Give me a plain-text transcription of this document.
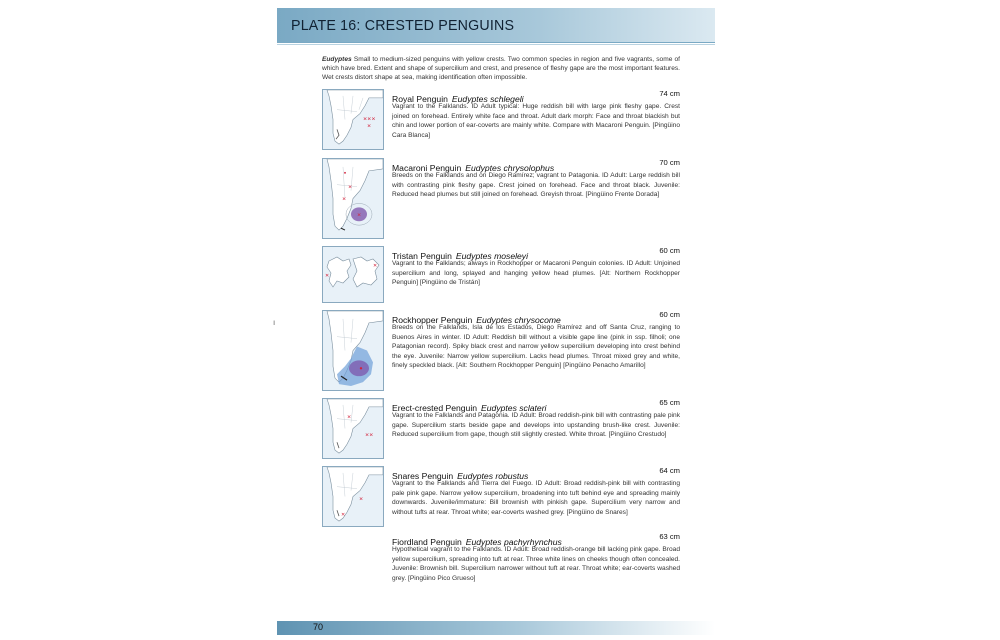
PLATE 16: CRESTED PENGUINS
ı
Eudyptes Small to medium-sized penguins with yellow crests. Two common species in region and five vagrants, some of which have bred. Extent and shape of supercilium and crest, and presence of fleshy gape are the most important features. Wet crests distort shape at sea, making identification often impossible.
✕✕✕
✕
Royal Penguin Eudyptes schlegeli
74 cm
Vagrant to the Falklands. ID Adult typical: Huge reddish bill with large pink fleshy gape. Crest joined on forehead. Entirely white face and throat. Adult dark morph: Face and throat blackish but chin and lower portion of ear-coverts are mainly white. Compare with Macaroni Penguin. [Pingüino Cara Blanca]
✕
✕
✕
Macaroni Penguin Eudyptes chrysolophus
70 cm
Breeds on the Falklands and on Diego Ramírez; vagrant to Patagonia. ID Adult: Large reddish bill with contrasting pink fleshy gape. Crest joined on forehead. Face and throat black. Juvenile: Reduced head plumes but still joined on forehead. Greyish throat. [Pingüino Frente Dorada]
✕
✕
Tristan Penguin Eudyptes moseleyi
60 cm
Vagrant to the Falklands; always in Rockhopper or Macaroni Penguin colonies. ID Adult: Unjoined supercilium and long, splayed and hanging yellow head plumes. [Alt: Northern Rockhopper Penguin] [Pingüino de Tristán]
Rockhopper Penguin Eudyptes chrysocome
60 cm
Breeds on the Falklands, Isla de los Estados, Diego Ramírez and off Santa Cruz, ranging to Buenos Aires in winter. ID Adult: Reddish bill without a visible gape line (pink in ssp. filholi; one Patagonian record). Spiky black crest and narrow yellow supercilium developing into crest behind the eye. Juvenile: Narrow yellow supercilium. Lacks head plumes. Throat mixed grey and white, finely speckled black. [Alt: Southern Rockhopper Penguin] [Pingüino Penacho Amarillo]
✕
✕✕
Erect-crested Penguin Eudyptes sclateri
65 cm
Vagrant to the Falklands and Patagonia. ID Adult: Broad reddish-pink bill with contrasting pale pink gape. Supercilium starts beside gape and develops into upstanding brush-like crest. Juvenile: Reduced supercilium from gape, though still slightly crested. White throat. [Pingüino Crestudo]
✕
✕
Snares Penguin Eudyptes robustus
64 cm
Vagrant to the Falklands and Tierra del Fuego. ID Adult: Broad reddish-pink bill with contrasting pale pink gape. Narrow yellow supercilium, broadening into tuft behind eye and spreading mainly downwards. Juvenile/immature: Bill brownish with pinkish gape. Supercilium very narrow and without tufts at rear. Throat white; ear-coverts washed grey. [Pingüino de Snares]
Fiordland Penguin Eudyptes pachyrhynchus
63 cm
Hypothetical vagrant to the Falklands. ID Adult: Broad reddish-orange bill lacking pink gape. Broad yellow supercilium, spreading into tuft at rear. Three white lines on cheeks though often concealed. Juvenile: Brownish bill. Supercilium narrower without tuft at rear. Throat white; ear-coverts washed grey. [Pingüino Pico Grueso]
70
